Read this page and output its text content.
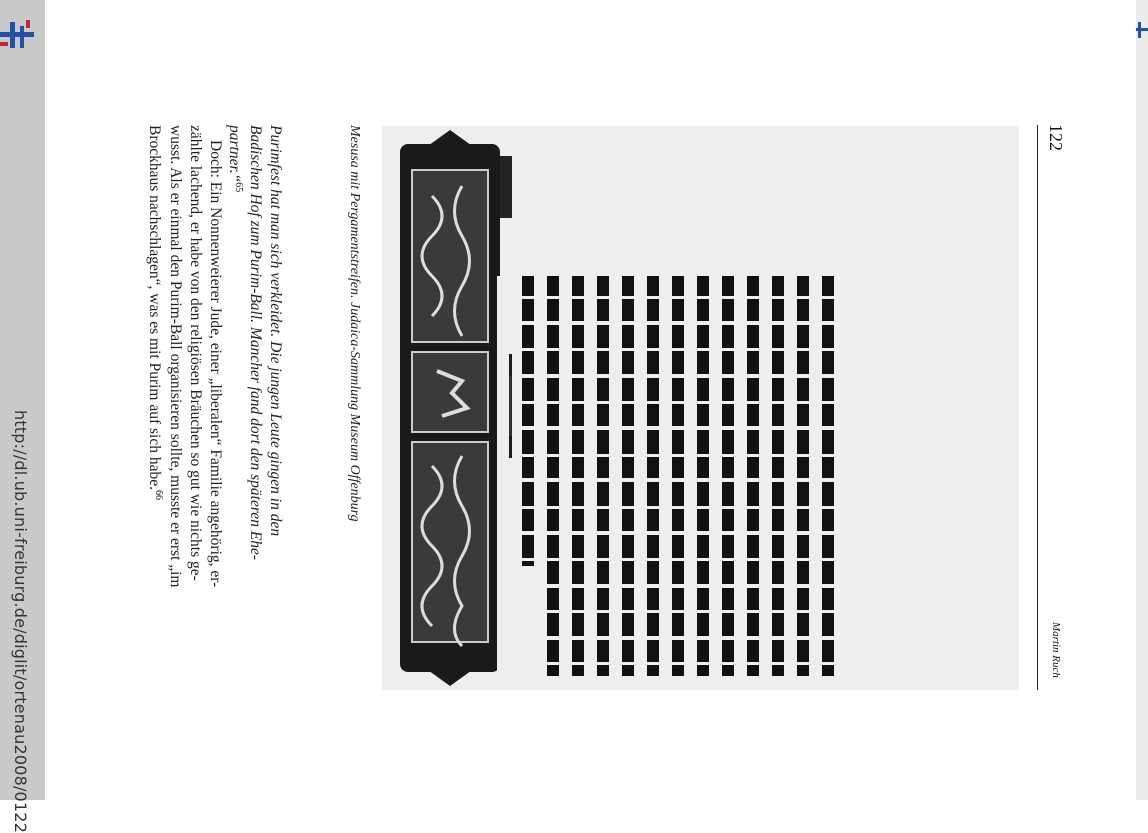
http://dl.ub.uni-freiburg.de/diglit/ortenau2008/0122
122
Martin Ruch
Mesusa mit Pergamentstreifen. Judaica-Sammlung Museum Offenburg
Purimfest hat man sich verkleidet. Die jungen Leute gingen in den
Badischen Hof zum Purim-Ball. Mancher fand dort den späteren Ehe-
partner.“$^{65}$
Doch: Ein Nonnenweierer Jude, einer „liberalen“ Familie angehörig, er-
zählte lachend, er habe von den religiösen Bräuchen so gut wie nichts ge-
wusst. Als er einmal den Purim-Ball organisieren sollte, musste er erst „im
Brockhaus nachschlagen“, was es mit Purim auf sich habe.$^{66}$
